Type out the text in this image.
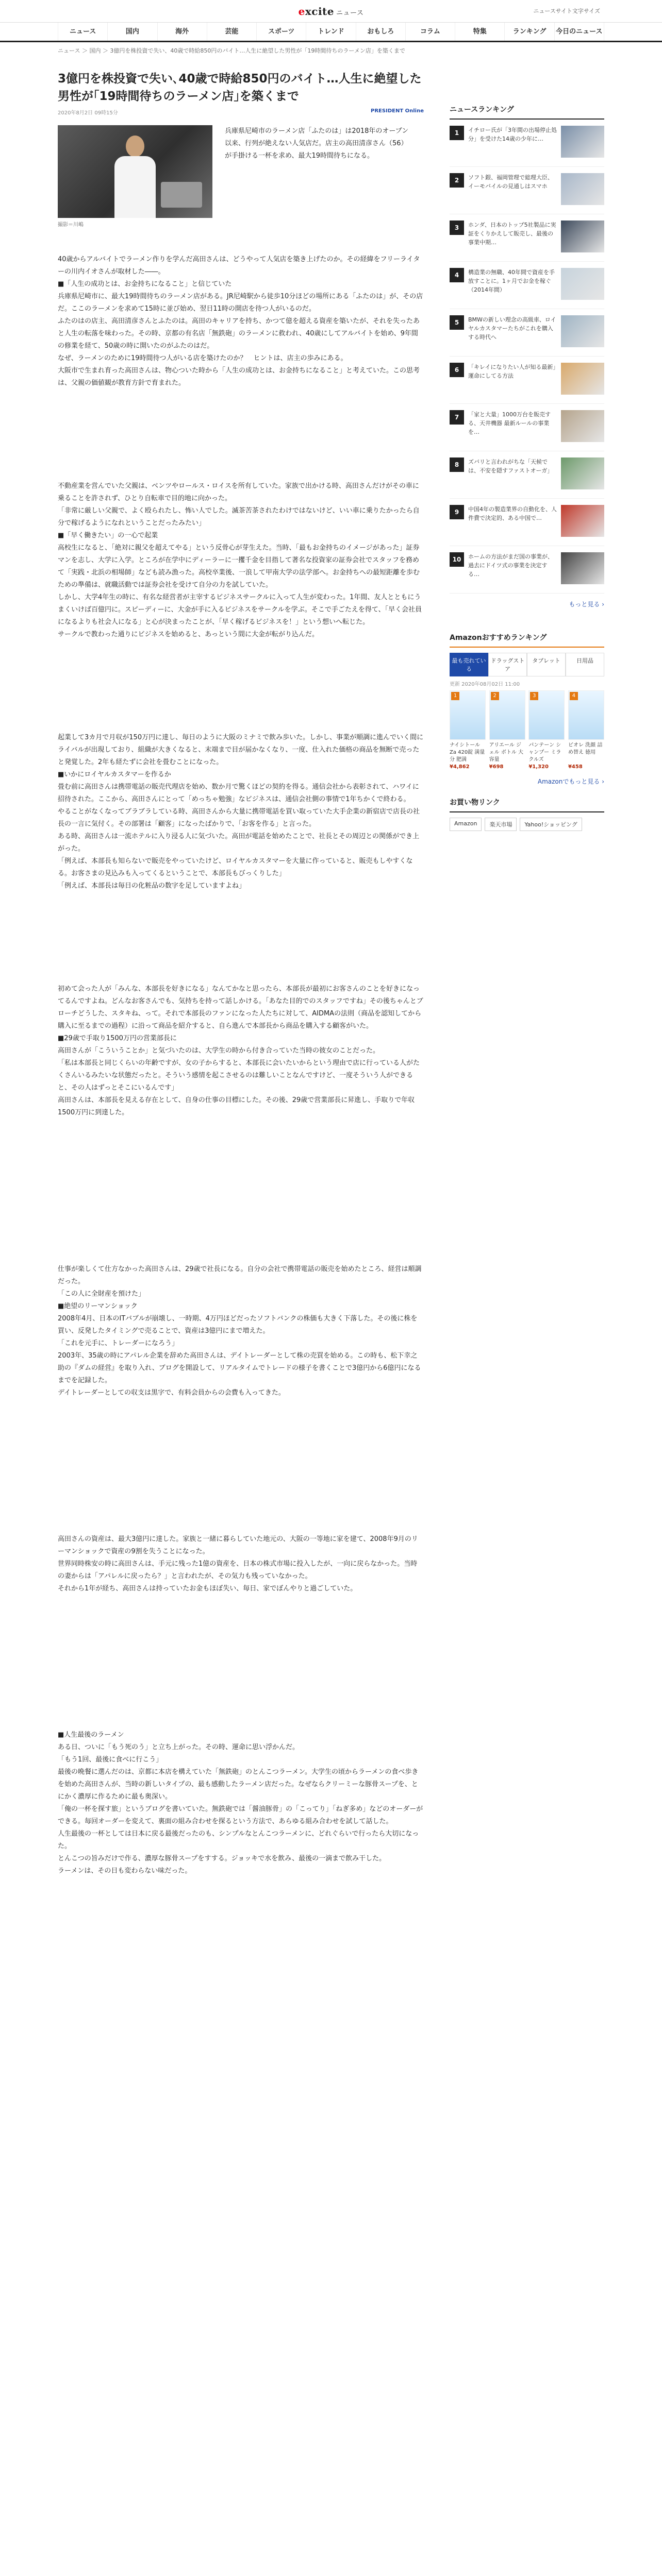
excite ニュース	ニュースサイト文字サイズ
ニュース	国内	海外	芸能	スポーツ	トレンド	おもしろ	コラム	特集	ランキング	今日のニュース
ニュース ＞ 国内 ＞ 3億円を株投資で失い、40歳で時給850円のバイト…人生に絶望した男性が「19時間待ちのラーメン店」を築くまで
3億円を株投資で失い､40歳で時給850円のバイト…人生に絶望した男性が｢19時間待ちのラーメン店｣を築くまで
2020年8月2日 09時15分	PRESIDENT Online
撮影＝川嶋
兵庫県尼崎市のラーメン店「ふたのは」は2018年のオープン以来、行列が絶えない人気店だ。店主の高田清彦さん（56）が手掛ける一杯を求め、最大19時間待ちになる。

40歳からアルバイトでラーメン作りを学んだ高田さんは、どうやって人気店を築き上げたのか。その経緯をフリーライターの川内イオさんが取材した――。

■「人生の成功とは、お金持ちになること」と信じていた

兵庫県尼崎市に、最大19時間待ちのラーメン店がある。JR尼崎駅から徒歩10分ほどの場所にある「ふたのは」が、その店だ。ここのラーメンを求めて15時に並び始め、翌日11時の開店を待つ人がいるのだ。

ふたのはの店主、高田清彦さんとふたのは。高田のキャリアを持ち、かつて億を超える資産を築いたが、それを失ったあと人生の転落を味わった。その時、京都の有名店「無鉄砲」のラーメンに救われ、40歳にしてアルバイトを始め、9年間の修業を経て、50歳の時に開いたのがふたのはだ。

なぜ、ラーメンのために19時間待つ人がいる店を築けたのか？　ヒントは、店主の歩みにある。

大阪市で生まれ育った高田さんは、物心ついた時から「人生の成功とは、お金持ちになること」と考えていた。この思考は、父親の価値観が教育方針で育まれた。

不動産業を営んでいた父親は、ベンツやロールス・ロイスを所有していた。家族で出かける時、高田さんだけがその車に乗ることを許されず、ひとり自転車で目的地に向かった。

「非常に厳しい父親で、よく殴られたし、怖い人でした。滅茶苦茶されたわけではないけど、いい車に乗りたかったら自分で稼げるようになれということだったみたい」

■「早く働きたい」の一心で起業

高校生になると、「絶対に親父を超えてやる」という反骨心が芽生えた。当時、「最もお金持ちのイメージがあった」証券マンを志し、大学に入学。ところが在学中にディーラーに一攫千金を目指して著名な投資家の証券会社でスタッフを務めて「実践・北浜の相場師」なども読み漁った。高校卒業後、一浪して甲南大学の法学部へ。お金持ちへの最短距離を歩むための準備は、就職活動では証券会社を受けて自分の力を試していた。

しかし、大学4年生の時に、有名な経営者が主宰するビジネスサークルに入って人生が変わった。1年間、友人とともにうまくいけば百億円に。スピーディーに、大金が手に入るビジネスをサークルを学ぶ。そこで手ごたえを得て、「早く会社員になるよりも社会人になる」と心が決まったことが、「早く稼げるビジネスを！」という想いへ転じた。

サークルで教わった通りにビジネスを始めると、あっという間に大金が転がり込んだ。

起業して3カ月で月収が150万円に達し、毎日のように大阪のミナミで飲み歩いた。しかし、事業が順調に進んでいく間にライバルが出現しており、組織が大きくなると、末端まで目が届かなくなり、一度、仕入れた価格の商品を無断で売ったと発覚した。2年も経たずに会社を畳むことになった。

■いかにロイヤルカスタマーを作るか

畳む前に高田さんは携帯電話の販売代理店を始め、数か月で驚くほどの契約を得る。通信会社から表彰されて、ハワイに招待された。ここから、高田さんにとって「めっちゃ勉強」なビジネスは、通信会社側の事情で1年ちかくで終わる。

やることがなくなってブラブラしている時、高田さんから大量に携帯電話を買い取っていた大手企業の新宿店で店長の社長の一言に気付く。その部署は「顧客」になったばかりで、「お客を作る」と言った。

ある時、高田さんは一流ホテルに入り浸る人に気づいた。高田が電話を始めたことで、社長とその周辺との関係ができ上がった。

「例えば、本部長も知らないで販売をやっていたけど、ロイヤルカスタマーを大量に作っていると、販売もしやすくなる。お客さまの見込みも入ってくるということで、本部長もびっくりした」

「例えば、本部長は毎日の化粧品の数字を足していますよね」

初めて会った人が「みんな、本部長を好きになる」なんてかなと思ったら、本部長が最初にお客さんのことを好きになってるんですよね。どんなお客さんでも、気持ちを持って話しかける。「あなた目的でのスタッフですね」その後ちゃんとブローチどうした、スタキね、って。それで本部長のファンになった人たちに対して、AIDMAの法則（商品を認知してから購入に至るまでの過程）に沿って商品を紹介すると、自ら進んで本部長から商品を購入する顧客がいた。

■29歳で手取り1500万円の営業部長に

高田さんが「こういうことか」と気づいたのは、大学生の時から付き合っていた当時の彼女のことだった。

「私は本部長と同じくらいの年齢ですが、女の子からすると、本部長に会いたいからという理由で店に行っている人がたくさんいるみたいな状態だったと。そういう感情を起こさせるのは難しいことなんですけど、一度そういう人ができると、その人はずっとそこにいるんです」

高田さんは、本部長を見える存在として、自身の仕事の目標にした。その後、29歳で営業部長に昇進し、手取りで年収1500万円に到達した。

仕事が楽しくて仕方なかった高田さんは、29歳で社長になる。自分の会社で携帯電話の販売を始めたところ、経営は順調だった。

「この人に全財産を預けた」

■絶望のリーマンショック

2008年4月、日本のITバブルが崩壊し、一時期、4万円ほどだったソフトバンクの株価も大きく下落した。その後に株を買い、反発したタイミングで売ることで、資産は3億円にまで増えた。

「これを元手に、トレーダーになろう」

2003年、35歳の時にアパレル企業を辞めた高田さんは、デイトレーダーとして株の売買を始める。この時も、松下幸之助の『ダムの経営』を取り入れ、ブログを開設して、リアルタイムでトレードの様子を書くことで3億円から6億円になるまでを記録した。

デイトレーダーとしての収支は黒字で、有料会員からの会費も入ってきた。

高田さんの資産は、最大3億円に達した。家族と一緒に暮らしていた地元の、大阪の一等地に家を建て、2008年9月のリーマンショックで資産の9割を失うことになった。

世界同時株安の時に高田さんは、手元に残った1億の資産を、日本の株式市場に投入したが、一向に戻らなかった。当時の妻からは「アパレルに戻ったら？」と言われたが、その気力も残っていなかった。

それから1年が経ち、高田さんは持っていたお金もほぼ失い、毎日、家でぼんやりと過ごしていた。

■人生最後のラーメン

ある日、ついに「もう死のう」と立ち上がった。その時、運命に思い浮かんだ。

「もう1回、最後に食べに行こう」

最後の晩餐に選んだのは、京都に本店を構えていた「無鉄砲」のとんこつラーメン。大学生の頃からラーメンの食べ歩きを始めた高田さんが、当時の新しいタイプの、最も感動したラーメン店だった。なぜならクリーミーな豚骨スープを、とにかく濃厚に作るために最も奥深い。

「俺の一杯を探す旅」というブログを書いていた。無鉄砲では「醤油豚骨」の「こってり」「ねぎ多め」などのオーダーができる。毎回オーダーを変えて、裏面の組み合わせを探るという方法で、あらゆる組み合わせを試して話した。

人生最後の一杯としては日本に戻る最後だったのも、シンプルなとんこつラーメンに、どれぐらいで行ったら大切になった。

とんこつの旨みだけで作る、濃厚な豚骨スープをすする。ジョッキで水を飲み、最後の一滴まで飲み干した。

ラーメンは、その日も変わらない味だった。

ニュースランキング
1	イチロー氏が「3年間の出場停止処分」を受けた14歳の少年に…
2	ソフト銀、福岡管理で総理大臣、イーモバイルの見通しはスマホ
3	ホンダ、日本のトップ5社製品に実証をくりかえして販売し、最後の事業中期…
4	構造業の無職、40年間で資産を手放すことに。1ヶ月でお金を稼ぐ（2014年間）
5	BMWの新しい理念の高級車、ロイヤルカスタマーたちがこれを購入する時代へ
6	「キレイになりたい人が知る最新」運命にしてる方法
7	「家と大量」1000万台を販売する、天井機器 最新ルールの事業を…
8	ズバリと言われがちな「天候では、不安を隠すファストオーガ」
9	中国4年の製造業界の自動化を、人件費で決定的、ある中国で…
10	ホームの方法がまだ国の事業が、過去にドイツ式の事業を決定する…
もっと見る ›
Amazonおすすめランキング
最も売れている
ドラッグストア
タブレット	日用品
更新 2020年08月02日 11:00
1
ナイシトールZa 420錠 満量分 肥満
¥4,862
2
アリエール ジェル ボトル 大容量
¥698
3
パンテーン シャンプー ミラクルズ
¥1,320
4
ビオレ 洗顔 詰め替え 徳用
¥458
Amazonでもっと見る ›
お買い物リンク
Amazon	楽天市場	Yahoo!ショッピング
